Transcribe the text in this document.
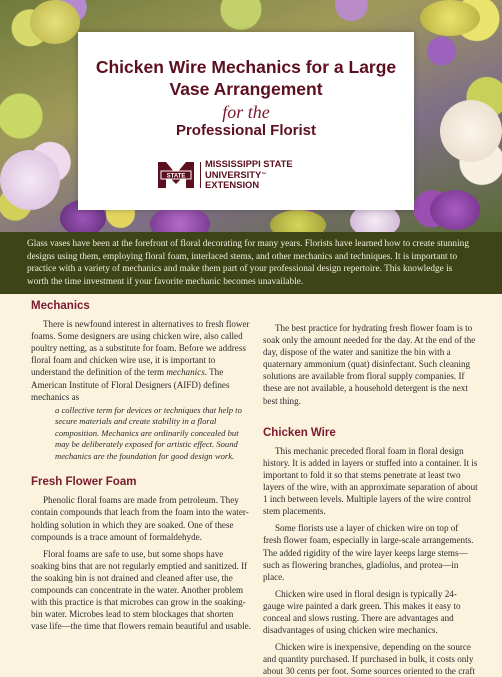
Chicken Wire Mechanics for a Large Vase Arrangement
for the
Professional Florist
STATE
MISSISSIPPI STATE UNIVERSITY™
EXTENSION
Glass vases have been at the forefront of floral decorating for many years. Florists have learned how to create stunning designs using them, employing floral foam, interlaced stems, and other mechanics and techniques. It is important to practice with a variety of mechanics and make them part of your professional design repertoire. This knowledge is worth the time investment if your favorite mechanic becomes unavailable.
Mechanics

There is newfound interest in alternatives to fresh flower foams. Some designers are using chicken wire, also called poultry netting, as a substitute for foam. Before we address floral foam and chicken wire use, it is important to understand the definition of the term mechanics. The American Institute of Floral Designers (AIFD) defines mechanics as

a collective term for devices or techniques that help to secure materials and create stability in a floral composition. Mechanics are ordinarily concealed but may be deliberately exposed for artistic effect. Sound mechanics are the foundation for good design work.
Fresh Flower Foam

Phenolic floral foams are made from petroleum. They contain compounds that leach from the foam into the water-holding solution in which they are soaked. One of these compounds is a trace amount of formaldehyde.

Floral foams are safe to use, but some shops have soaking bins that are not regularly emptied and sanitized. If the soaking bin is not drained and cleaned after use, the compounds can concentrate in the water. Another problem with this practice is that microbes can grow in the soaking-bin water. Microbes lead to stem blockages that shorten vase life—the time that flowers remain beautiful and usable.

The best practice for hydrating fresh flower foam is to soak only the amount needed for the day. At the end of the day, dispose of the water and sanitize the bin with a quaternary ammonium (quat) disinfectant. Such cleaning solutions are available from floral supply companies. If these are not available, a household detergent is the next best thing.

Chicken Wire

This mechanic preceded floral foam in floral design history. It is added in layers or stuffed into a container. It is important to fold it so that stems penetrate at least two layers of the wire, with an approximate separation of about 1 inch between levels. Multiple layers of the wire control stem placements.

Some florists use a layer of chicken wire on top of fresh flower foam, especially in large-scale arrangements. The added rigidity of the wire layer keeps large stems—such as flowering branches, gladiolus, and protea—in place.

Chicken wire used in floral design is typically 24-gauge wire painted a dark green. This makes it easy to conceal and slows rusting. There are advantages and disadvantages of using chicken wire mechanics.

Chicken wire is inexpensive, depending on the source and quantity purchased. If purchased in bulk, it costs only about 30 cents per foot. Some sources oriented to the craft
